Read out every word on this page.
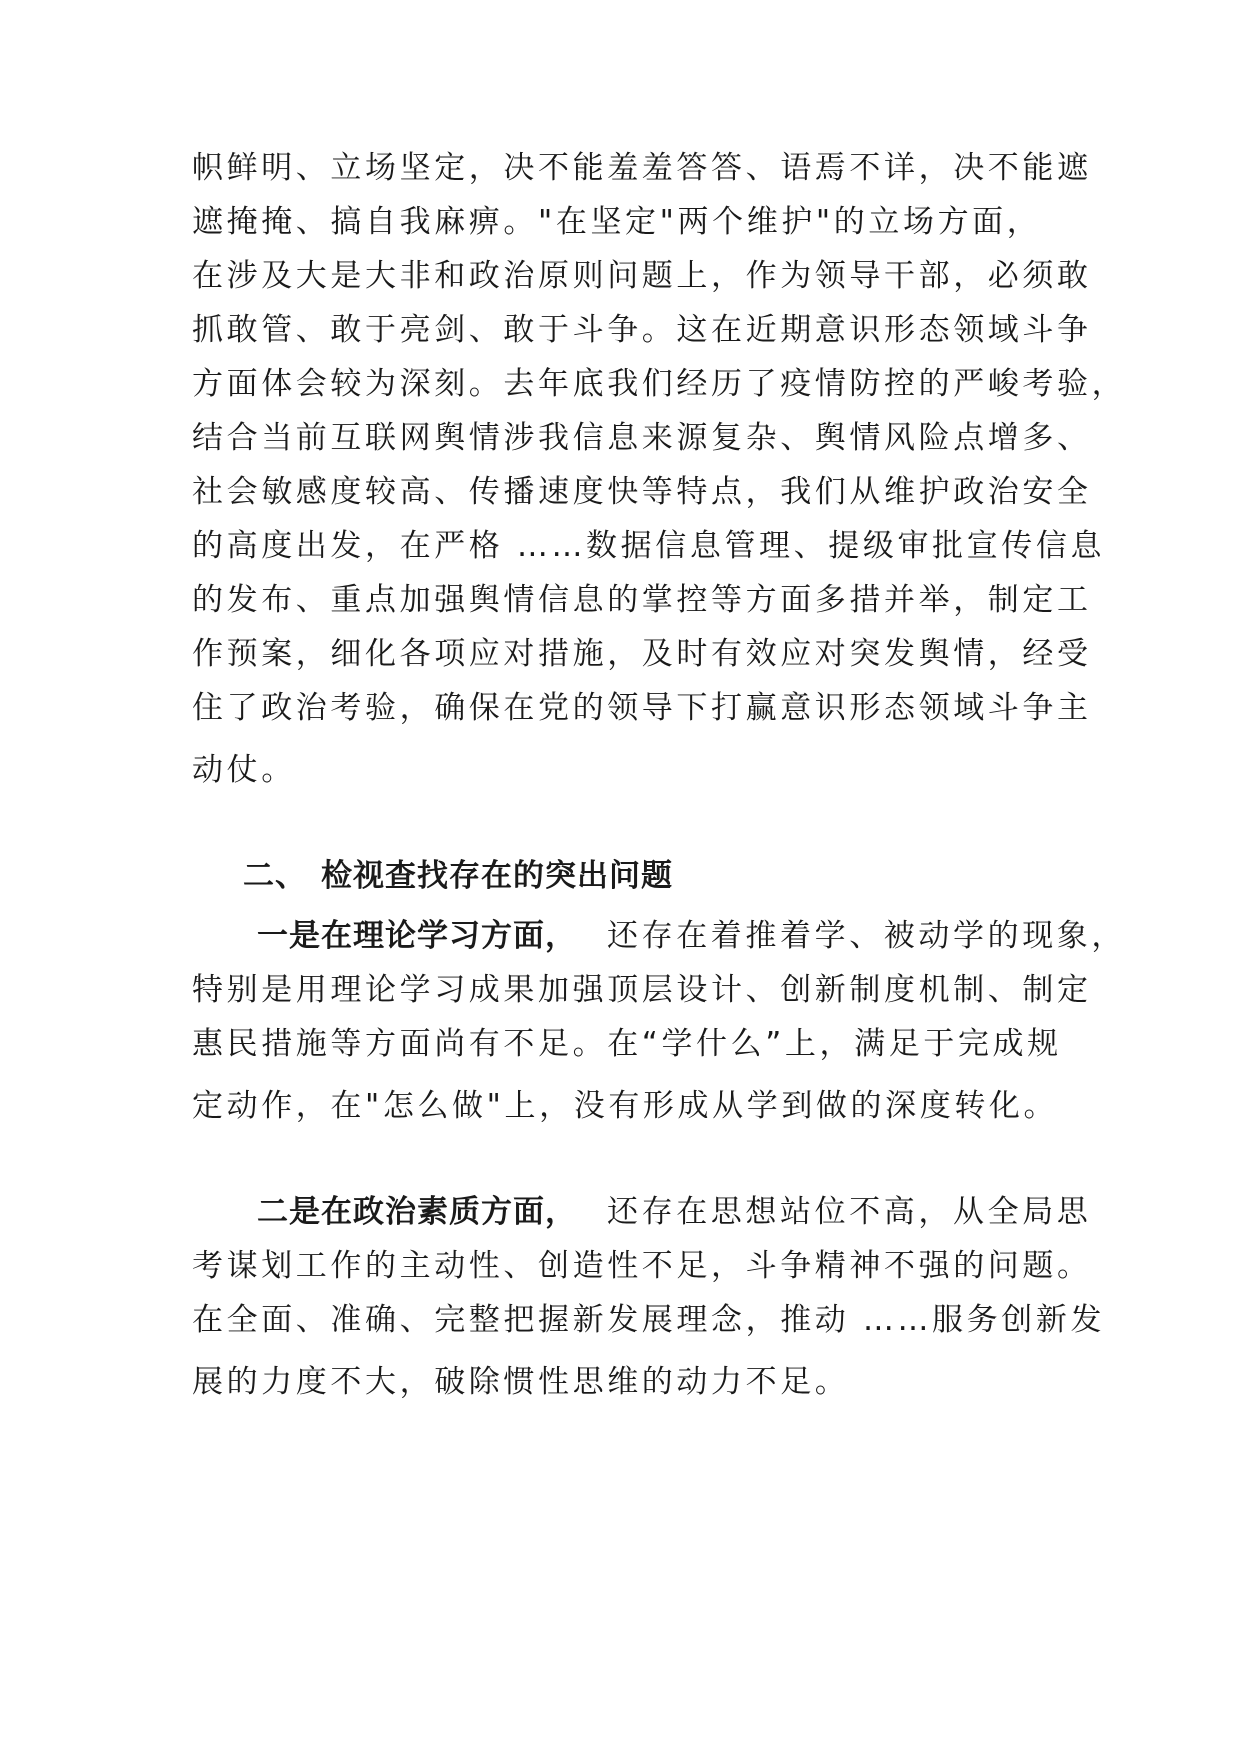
帜鲜明、立场坚定，决不能羞羞答答、语焉不详，决不能遮

遮掩掩、搞自我麻痹。"在坚定"两个维护"的立场方面，

在涉及大是大非和政治原则问题上，作为领导干部，必须敢

抓敢管、敢于亮剑、敢于斗争。这在近期意识形态领域斗争

方面体会较为深刻。去年底我们经历了疫情防控的严峻考验，

结合当前互联网舆情涉我信息来源复杂、舆情风险点增多、

社会敏感度较高、传播速度快等特点，我们从维护政治安全

的高度出发，在严格 ……数据信息管理、提级审批宣传信息

的发布、重点加强舆情信息的掌控等方面多措并举，制定工

作预案，细化各项应对措施，及时有效应对突发舆情，经受

住了政治考验，确保在党的领导下打赢意识形态领域斗争主

动仗。

二、 检视查找存在的突出问题

一是在理论学习方面， 还存在着推着学、被动学的现象，

特别是用理论学习成果加强顶层设计、创新制度机制、制定

惠民措施等方面尚有不足。在“学什么”上，满足于完成规

定动作，在"怎么做"上，没有形成从学到做的深度转化。

二是在政治素质方面， 还存在思想站位不高，从全局思

考谋划工作的主动性、创造性不足，斗争精神不强的问题。

在全面、准确、完整把握新发展理念，推动 ……服务创新发

展的力度不大，破除惯性思维的动力不足。
